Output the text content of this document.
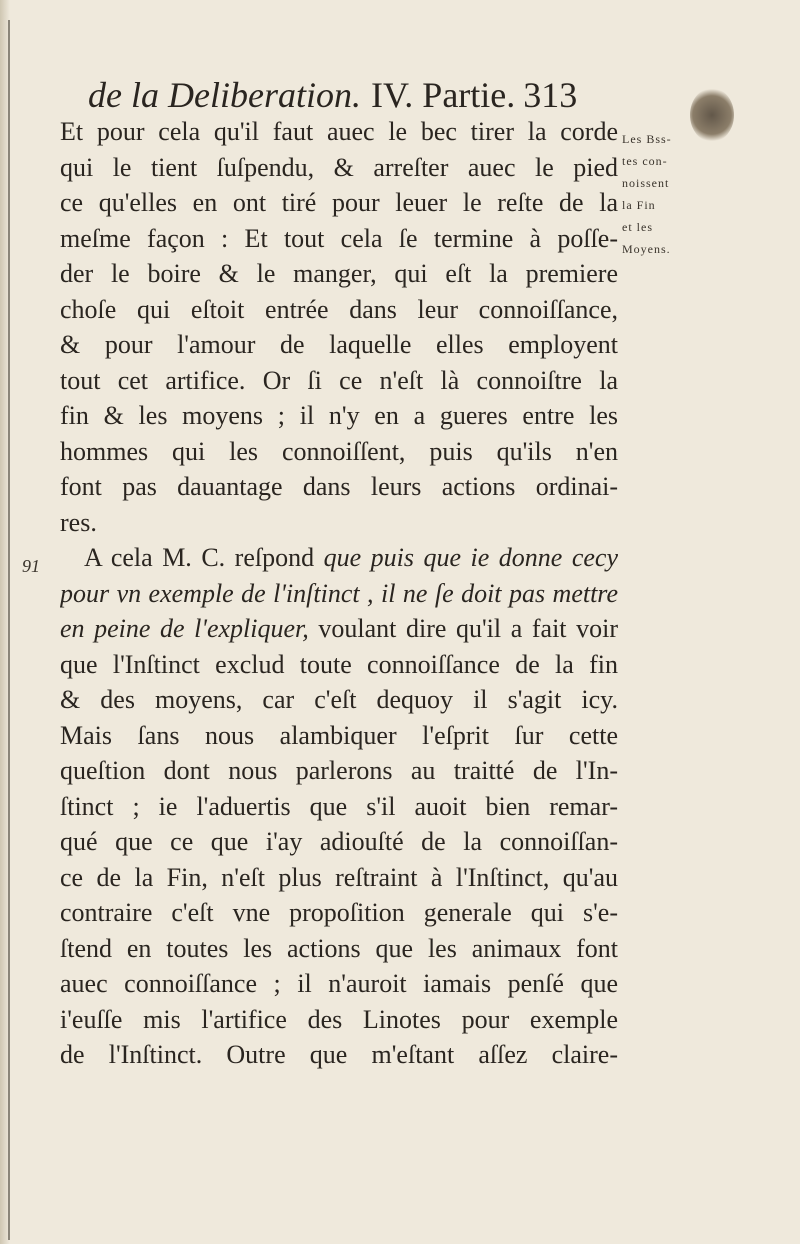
de la Deliberation. IV. Partie. 313
Et pour cela qu'il faut auec le bec tirer la corde
qui le tient ſuſpendu, & arreſter auec le pied
ce qu'elles en ont tiré pour leuer le reſte de la
meſme façon : Et tout cela ſe termine à poſſe-
der le boire & le manger, qui eſt la premiere
choſe qui eſtoit entrée dans leur connoiſſance,
& pour l'amour de laquelle elles employent
tout cet artifice. Or ſi ce n'eſt là connoiſtre la
fin & les moyens ; il n'y en a gueres entre les
hommes qui les connoiſſent, puis qu'ils n'en
font pas dauantage dans leurs actions ordinai-
res.
A cela M. C. reſpond que puis que ie donne cecy
pour vn exemple de l'inſtinct , il ne ſe doit pas mettre
en peine de l'expliquer, voulant dire qu'il a fait voir
que l'Inſtinct exclud toute connoiſſance de la fin
& des moyens, car c'eſt dequoy il s'agit icy.
Mais ſans nous alambiquer l'eſprit ſur cette
queſtion dont nous parlerons au traitté de l'In-
ſtinct ; ie l'aduertis que s'il auoit bien remar-
qué que ce que i'ay adiouſté de la connoiſſan-
ce de la Fin, n'eſt plus reſtraint à l'Inſtinct, qu'au
contraire c'eſt vne propoſition generale qui s'e-
ſtend en toutes les actions que les animaux font
auec connoiſſance ; il n'auroit iamais penſé que
i'euſſe mis l'artifice des Linotes pour exemple
de l'Inſtinct. Outre que m'eſtant aſſez claire-
Les Bss-
tes con-
noissent
la Fin
et les
Moyens.
91
